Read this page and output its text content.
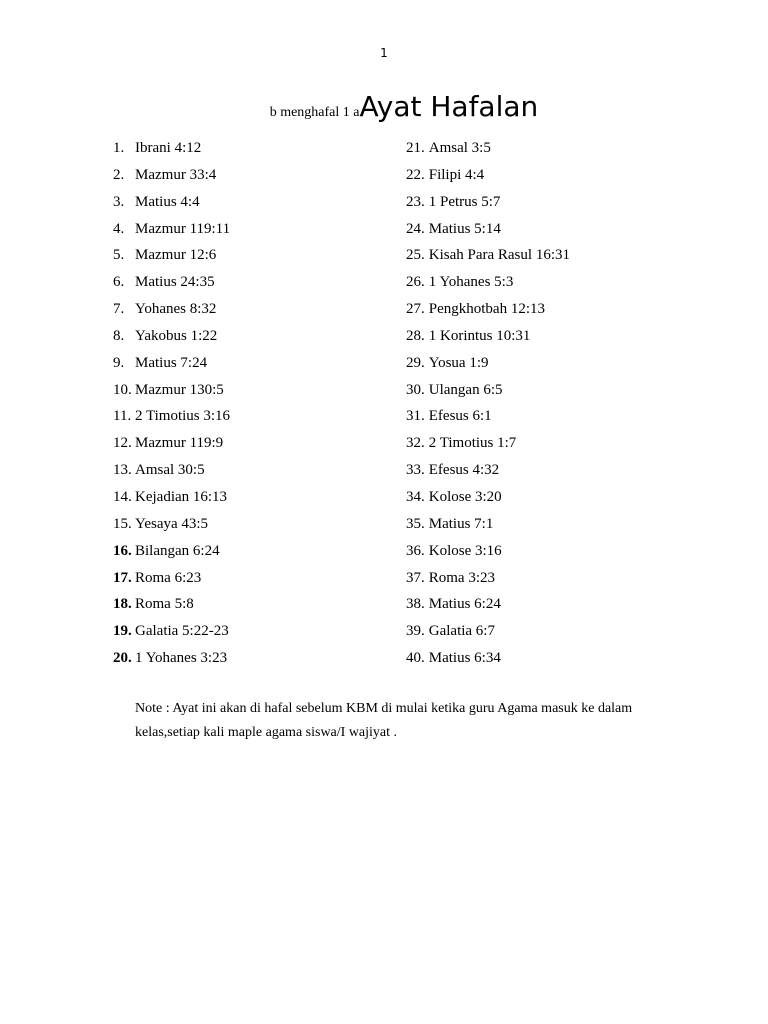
1
b menghafal 1 aAyat Hafalan
1. Ibrani 4:12
2. Mazmur 33:4
3. Matius 4:4
4. Mazmur 119:11
5. Mazmur 12:6
6. Matius 24:35
7. Yohanes 8:32
8. Yakobus 1:22
9. Matius 7:24
10. Mazmur 130:5
11. 2 Timotius 3:16
12. Mazmur 119:9
13. Amsal 30:5
14. Kejadian 16:13
15. Yesaya 43:5
16. Bilangan 6:24
17. Roma 6:23
18. Roma 5:8
19. Galatia 5:22-23
20. 1 Yohanes 3:23
21. Amsal 3:5
22. Filipi 4:4
23. 1 Petrus 5:7
24. Matius 5:14
25. Kisah Para Rasul 16:31
26. 1 Yohanes 5:3
27. Pengkhotbah 12:13
28. 1 Korintus 10:31
29. Yosua 1:9
30. Ulangan 6:5
31. Efesus 6:1
32. 2 Timotius 1:7
33. Efesus 4:32
34. Kolose 3:20
35. Matius 7:1
36. Kolose 3:16
37. Roma 3:23
38. Matius 6:24
39. Galatia 6:7
40. Matius 6:34
Note : Ayat ini akan di hafal sebelum KBM di mulai ketika guru Agama masuk ke dalam kelas,setiap kali maple agama siswa/I wajiyat .
